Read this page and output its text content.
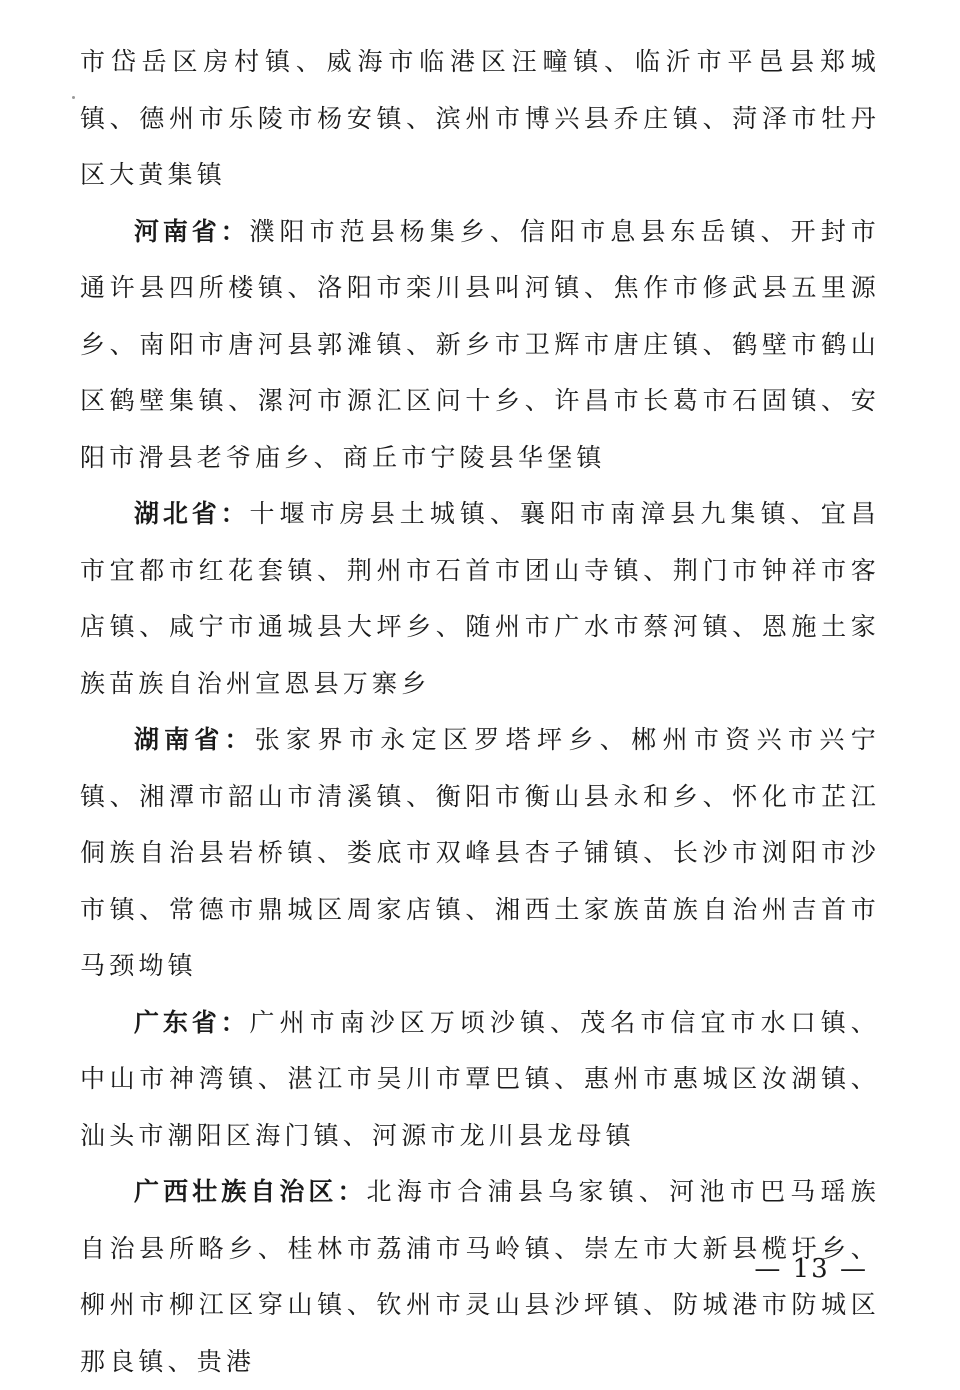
市岱岳区房村镇、威海市临港区汪疃镇、临沂市平邑县郑城镇、德州市乐陵市杨安镇、滨州市博兴县乔庄镇、菏泽市牡丹区大黄集镇

河南省：濮阳市范县杨集乡、信阳市息县东岳镇、开封市通许县四所楼镇、洛阳市栾川县叫河镇、焦作市修武县五里源乡、南阳市唐河县郭滩镇、新乡市卫辉市唐庄镇、鹤壁市鹤山区鹤壁集镇、漯河市源汇区问十乡、许昌市长葛市石固镇、安阳市滑县老爷庙乡、商丘市宁陵县华堡镇

湖北省：十堰市房县土城镇、襄阳市南漳县九集镇、宜昌市宜都市红花套镇、荆州市石首市团山寺镇、荆门市钟祥市客店镇、咸宁市通城县大坪乡、随州市广水市蔡河镇、恩施土家族苗族自治州宣恩县万寨乡

湖南省：张家界市永定区罗塔坪乡、郴州市资兴市兴宁镇、湘潭市韶山市清溪镇、衡阳市衡山县永和乡、怀化市芷江侗族自治县岩桥镇、娄底市双峰县杏子铺镇、长沙市浏阳市沙市镇、常德市鼎城区周家店镇、湘西土家族苗族自治州吉首市马颈坳镇

广东省：广州市南沙区万顷沙镇、茂名市信宜市水口镇、中山市神湾镇、湛江市吴川市覃巴镇、惠州市惠城区汝湖镇、汕头市潮阳区海门镇、河源市龙川县龙母镇

广西壮族自治区：北海市合浦县乌家镇、河池市巴马瑶族自治县所略乡、桂林市荔浦市马岭镇、崇左市大新县榄圩乡、柳州市柳江区穿山镇、钦州市灵山县沙坪镇、防城港市防城区那良镇、贵港

— 13 —
